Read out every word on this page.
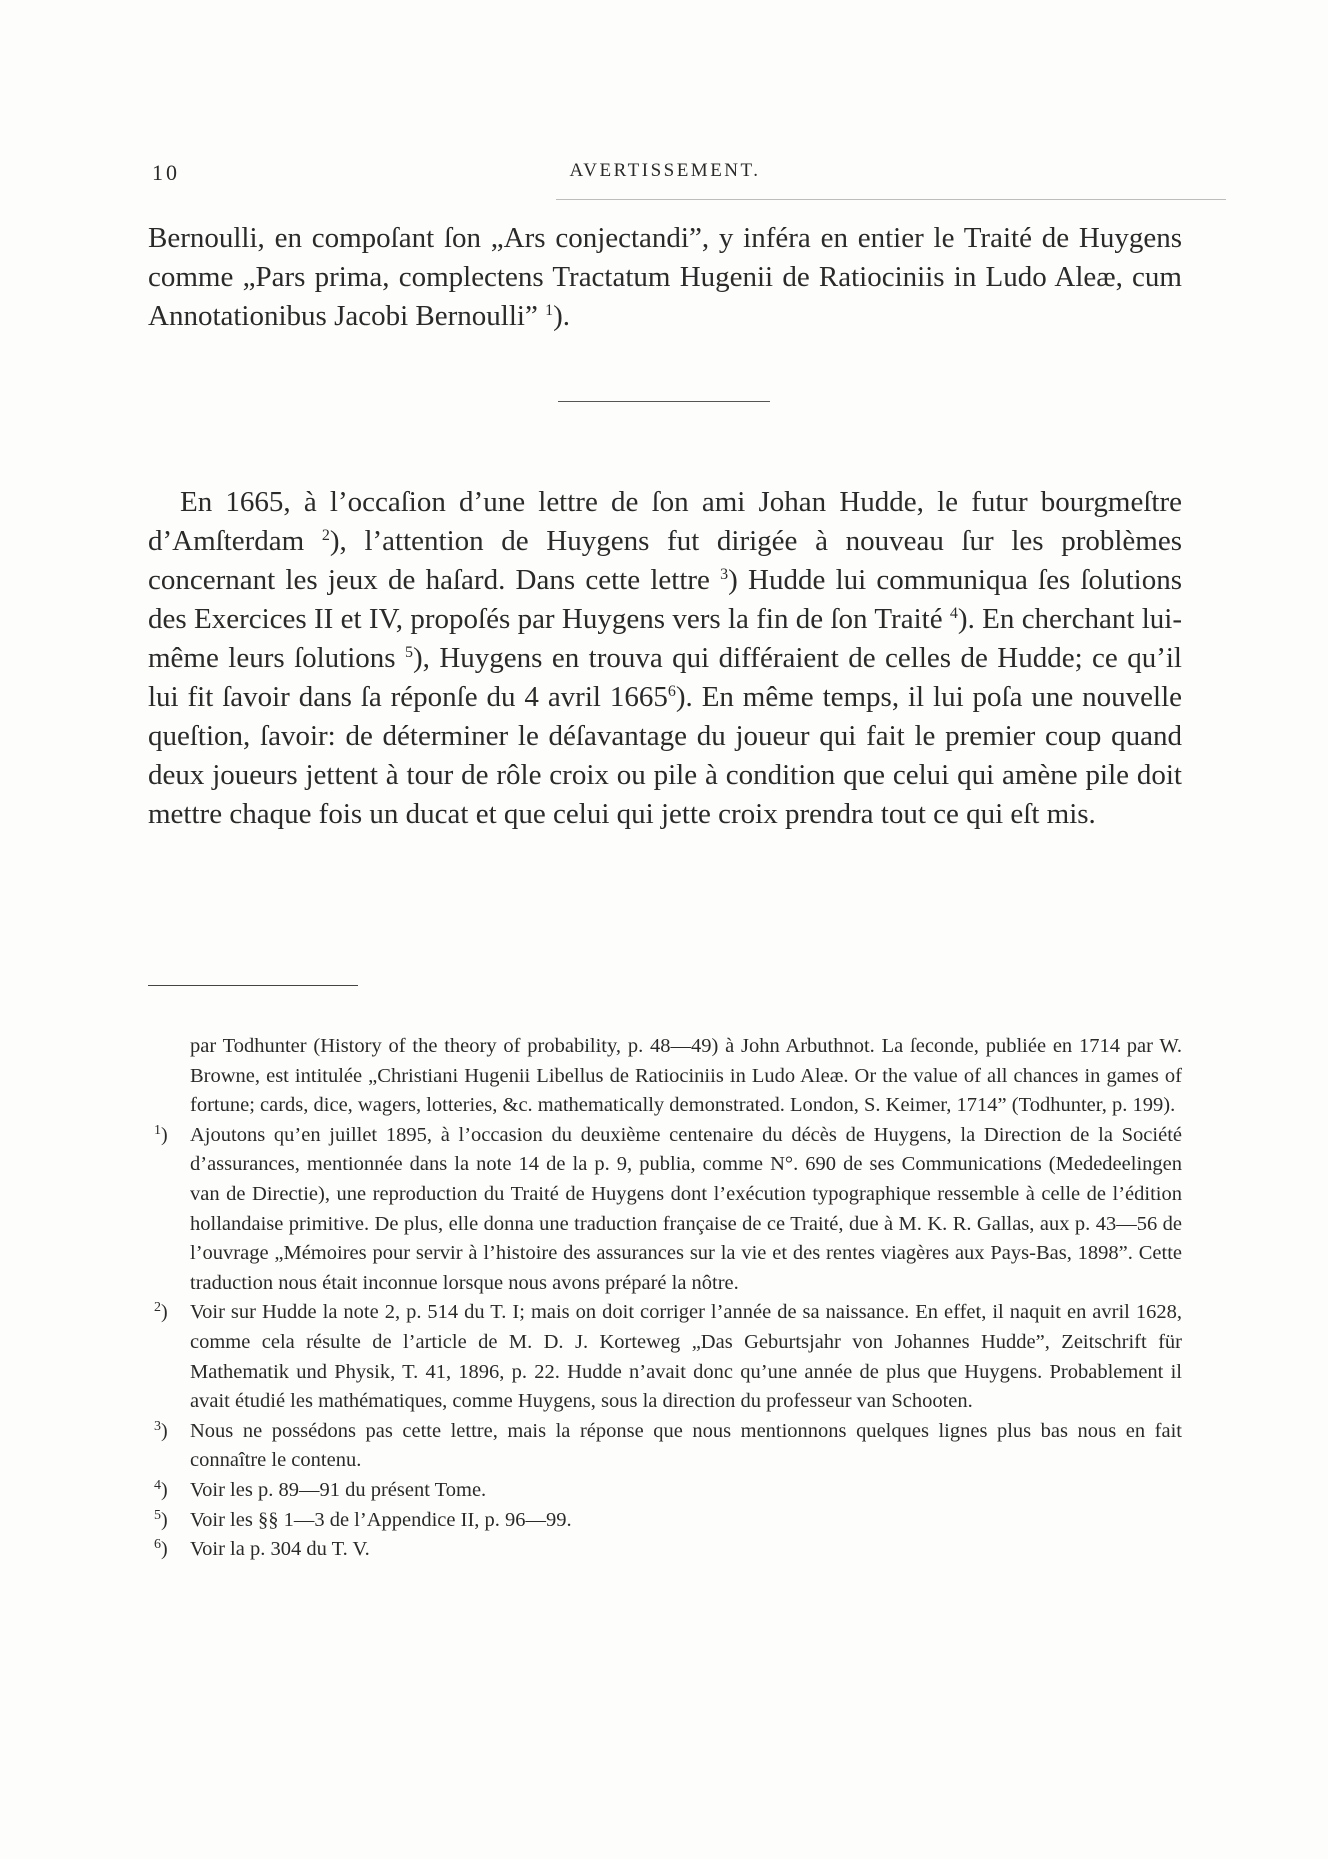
10	AVERTISSEMENT.

Bernoulli, en compoſant ſon „Ars conjectandi”, y inféra en entier le Traité de Huygens comme „Pars prima, complectens Tractatum Hugenii de Ratiociniis in Ludo Aleæ, cum Annotationibus Jacobi Bernoulli” $^1$).

En 1665, à l’occaſion d’une lettre de ſon ami Johan Hudde, le futur bourgmeſtre d’Amſterdam $^2$), l’attention de Huygens fut dirigée à nouveau ſur les problèmes concernant les jeux de haſard. Dans cette lettre $^3$) Hudde lui communiqua ſes ſolutions des Exercices II et IV, propoſés par Huygens vers la fin de ſon Traité $^4$). En cherchant lui-même leurs ſolutions $^5$), Huygens en trouva qui différaient de celles de Hudde; ce qu’il lui fit ſavoir dans ſa réponſe du 4 avril 1665$^6$). En même temps, il lui poſa une nouvelle queſtion, ſavoir: de déterminer le déſavantage du joueur qui fait le premier coup quand deux joueurs jettent à tour de rôle croix ou pile à condition que celui qui amène pile doit mettre chaque fois un ducat et que celui qui jette croix prendra tout ce qui eſt mis.

par Todhunter (History of the theory of probability, p. 48—49) à John Arbuthnot. La ſeconde, publiée en 1714 par W. Browne, est intitulée „Christiani Hugenii Libellus de Ratiociniis in Ludo Aleæ. Or the value of all chances in games of fortune; cards, dice, wagers, lotteries, &c. mathematically demonstrated. London, S. Keimer, 1714” (Todhunter, p. 199).

$^1$) Ajoutons qu’en juillet 1895, à l’occasion du deuxième centenaire du décès de Huygens, la Direction de la Société d’assurances, mentionnée dans la note 14 de la p. 9, publia, comme N°. 690 de ses Communications (Mededeelingen van de Directie), une reproduction du Traité de Huygens dont l’exécution typographique ressemble à celle de l’édition hollandaise primitive. De plus, elle donna une traduction française de ce Traité, due à M. K. R. Gallas, aux p. 43—56 de l’ouvrage „Mémoires pour servir à l’histoire des assurances sur la vie et des rentes viagères aux Pays-Bas, 1898”. Cette traduction nous était inconnue lorsque nous avons préparé la nôtre.

$^2$) Voir sur Hudde la note 2, p. 514 du T. I; mais on doit corriger l’année de sa naissance. En effet, il naquit en avril 1628, comme cela résulte de l’article de M. D. J. Korteweg „Das Geburtsjahr von Johannes Hudde”, Zeitschrift für Mathematik und Physik, T. 41, 1896, p. 22. Hudde n’avait donc qu’une année de plus que Huygens. Probablement il avait étudié les mathématiques, comme Huygens, sous la direction du professeur van Schooten.

$^3$) Nous ne possédons pas cette lettre, mais la réponse que nous mentionnons quelques lignes plus bas nous en fait connaître le contenu.

$^4$) Voir les p. 89—91 du présent Tome.

$^5$) Voir les §§ 1—3 de l’Appendice II, p. 96—99.

$^6$) Voir la p. 304 du T. V.
